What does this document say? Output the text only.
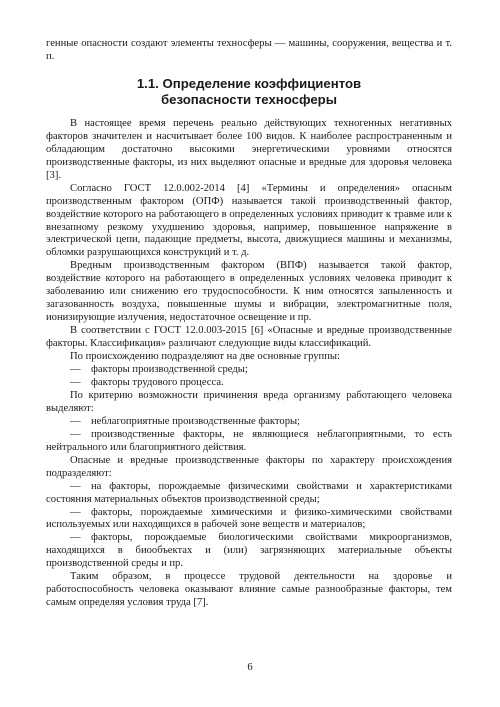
генные опасности создают элементы техносферы — машины, сооружения, вещества и т. п.

1.1. Определение коэффициентов
безопасности техносферы

В настоящее время перечень реально действующих техногенных негативных факторов значителен и насчитывает более 100 видов. К наиболее распространенным и обладающим достаточно высокими энергетическими уровнями относятся производственные факторы, из них выделяют опасные и вредные для здоровья человека [3].

Согласно ГОСТ 12.0.002-2014 [4] «Термины и определения» опасным производственным фактором (ОПФ) называется такой производственный фактор, воздействие которого на работающего в определенных условиях приводит к травме или к внезапному резкому ухудшению здоровья, например, повышенное напряжение в электрической цепи, падающие предметы, высота, движущиеся машины и механизмы, обломки разрушающихся конструкций и т. д.

Вредным производственным фактором (ВПФ) называется такой фактор, воздействие которого на работающего в определенных условиях человека приводит к заболеванию или снижению его трудоспособности. К ним относятся запыленность и загазованность воздуха, повышенные шумы и вибрации, электромагнитные поля, ионизирующие излучения, недостаточное освещение и пр.

В соответствии с ГОСТ 12.0.003-2015 [6] «Опасные и вредные производственные факторы. Классификация» различают следующие виды классификаций.

По происхождению подразделяют на две основные группы:

— факторы производственной среды;

— факторы трудового процесса.

По критерию возможности причинения вреда организму работающего человека выделяют:

— неблагоприятные производственные факторы;

— производственные факторы, не являющиеся неблагоприятными, то есть нейтрального или благоприятного действия.

Опасные и вредные производственные факторы по характеру происхождения подразделяют:

— на факторы, порождаемые физическими свойствами и характеристиками состояния материальных объектов производственной среды;

— факторы, порождаемые химическими и физико-химическими свойствами используемых или находящихся в рабочей зоне веществ и материалов;

— факторы, порождаемые биологическими свойствами микроорганизмов, находящихся в биообъектах и (или) загрязняющих материальные объекты производственной среды и пр.

Таким образом, в процессе трудовой деятельности на здоровье и работоспособность человека оказывают влияние самые разнообразные факторы, тем самым определяя условия труда [7].

6
